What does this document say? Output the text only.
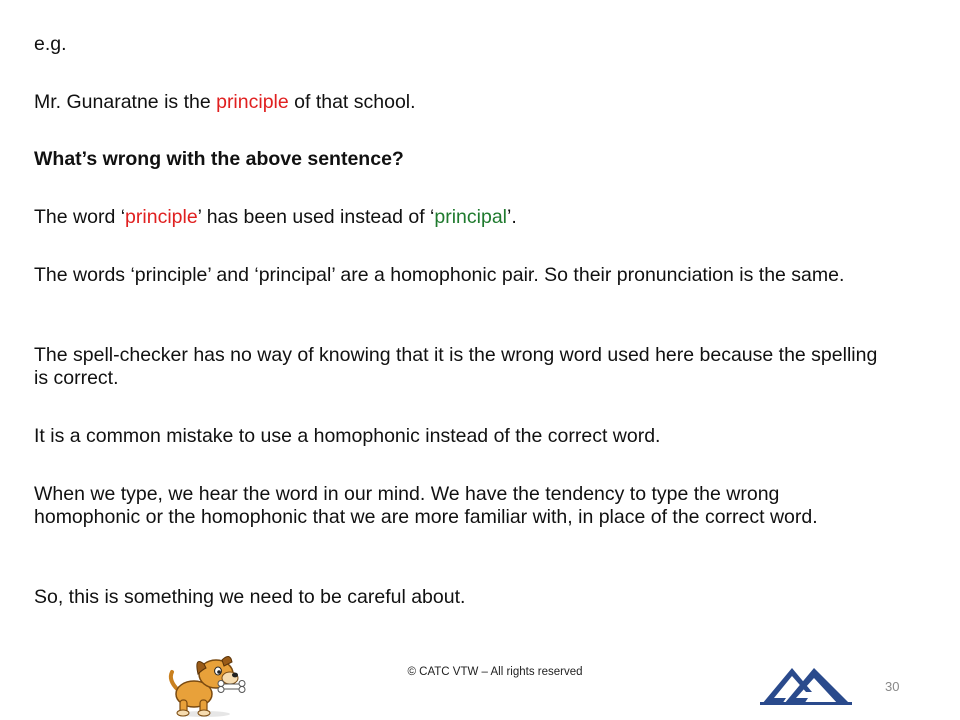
e.g.

Mr. Gunaratne is the principle of that school.

What’s wrong with the above sentence?

The word ‘principle’ has been used instead of ‘principal’.

The words ‘principle’ and ‘principal’ are a homophonic pair. So their pronunciation is the same.

The spell-checker has no way of knowing that it is the wrong word used here because the spelling is correct.

It is a common mistake to use a homophonic instead of the correct word.

When we type, we hear the word in our mind. We have the tendency to type the wrong homophonic or the homophonic that we are more familiar with, in place of the correct word.

So, this is something we need to be careful about.

© CATC VTW – All rights reserved
30
